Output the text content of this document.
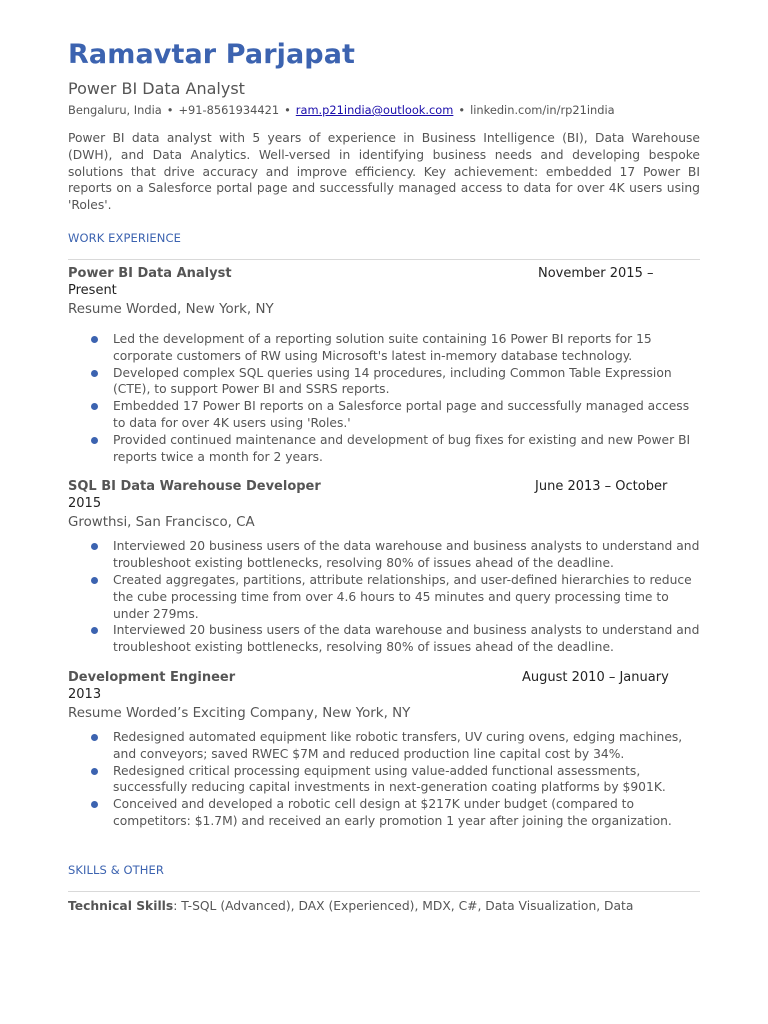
Ramavtar Parjapat
Power BI Data Analyst
Bengaluru, India • +91-8561934421 • ram.p21india@outlook.com • linkedin.com/in/rp21india
Power BI data analyst with 5 years of experience in Business Intelligence (BI), Data Warehouse (DWH), and Data Analytics. Well-versed in identifying business needs and developing bespoke solutions that drive accuracy and improve efficiency. Key achievement: embedded 17 Power BI reports on a Salesforce portal page and successfully managed access to data for over 4K users using 'Roles'.
WORK EXPERIENCE
Power BI Data Analyst	November 2015 –
Present
Resume Worded, New York, NY
Led the development of a reporting solution suite containing 16 Power BI reports for 15 corporate customers of RW using Microsoft's latest in-memory database technology.
Developed complex SQL queries using 14 procedures, including Common Table Expression (CTE), to support Power BI and SSRS reports.
Embedded 17 Power BI reports on a Salesforce portal page and successfully managed access to data for over 4K users using 'Roles.'
Provided continued maintenance and development of bug fixes for existing and new Power BI reports twice a month for 2 years.
SQL BI Data Warehouse Developer	June 2013 – October
2015
Growthsi, San Francisco, CA
Interviewed 20 business users of the data warehouse and business analysts to understand and troubleshoot existing bottlenecks, resolving 80% of issues ahead of the deadline.
Created aggregates, partitions, attribute relationships, and user-defined hierarchies to reduce the cube processing time from over 4.6 hours to 45 minutes and query processing time to under 279ms.
Interviewed 20 business users of the data warehouse and business analysts to understand and troubleshoot existing bottlenecks, resolving 80% of issues ahead of the deadline.
Development Engineer	August 2010 – January
2013
Resume Worded’s Exciting Company, New York, NY
Redesigned automated equipment like robotic transfers, UV curing ovens, edging machines, and conveyors; saved RWEC $7M and reduced production line capital cost by 34%.
Redesigned critical processing equipment using value-added functional assessments, successfully reducing capital investments in next-generation coating platforms by $901K.
Conceived and developed a robotic cell design at $217K under budget (compared to competitors: $1.7M) and received an early promotion 1 year after joining the organization.
SKILLS & OTHER
Technical Skills: T-SQL (Advanced), DAX (Experienced), MDX, C#, Data Visualization, Data
